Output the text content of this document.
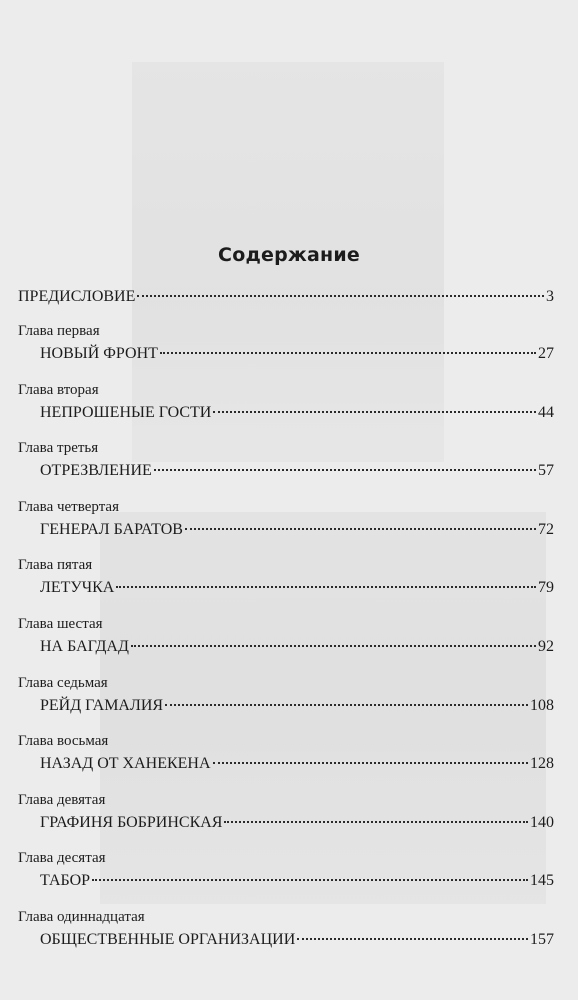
Содержание
ПРЕДИСЛОВИЕ	3
Глава первая
НОВЫЙ ФРОНТ	27
Глава вторая
НЕПРОШЕНЫЕ ГОСТИ	44
Глава третья
ОТРЕЗВЛЕНИЕ	57
Глава четвертая
ГЕНЕРАЛ БАРАТОВ	72
Глава пятая
ЛЕТУЧКА	79
Глава шестая
НА БАГДАД	92
Глава седьмая
РЕЙД ГАМАЛИЯ	108
Глава восьмая
НАЗАД ОТ ХАНЕКЕНА	128
Глава девятая
ГРАФИНЯ БОБРИНСКАЯ	140
Глава десятая
ТАБОР	145
Глава одиннадцатая
ОБЩЕСТВЕННЫЕ ОРГАНИЗАЦИИ	157
